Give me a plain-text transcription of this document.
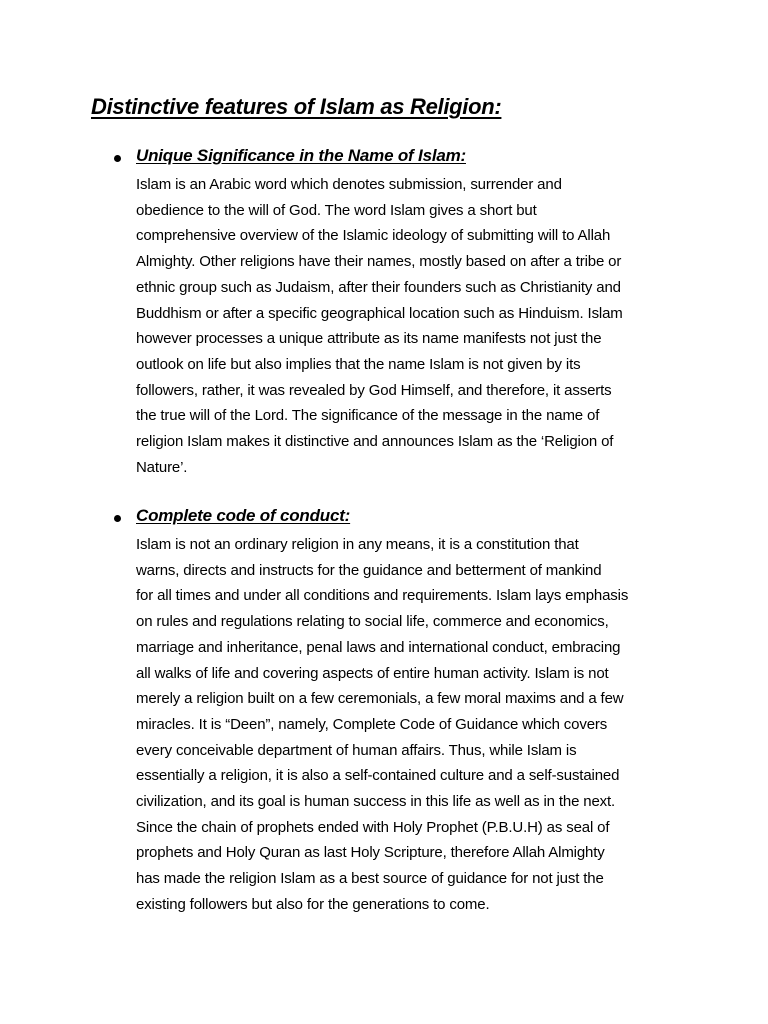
Distinctive features of Islam as Religion:
Unique Significance in the Name of Islam:
Islam is an Arabic word which denotes submission, surrender and
obedience to the will of God. The word Islam gives a short but
comprehensive overview of the Islamic ideology of submitting will to Allah
Almighty. Other religions have their names, mostly based on after a tribe or
ethnic group such as Judaism, after their founders such as Christianity and
Buddhism or after a specific geographical location such as Hinduism. Islam
however processes a unique attribute as its name manifests not just the
outlook on life but also implies that the name Islam is not given by its
followers, rather, it was revealed by God Himself, and therefore, it asserts
the true will of the Lord. The significance of the message in the name of
religion Islam makes it distinctive and announces Islam as the ‘Religion of
Nature’.
Complete code of conduct:
Islam is not an ordinary religion in any means, it is a constitution that
warns, directs and instructs for the guidance and betterment of mankind
for all times and under all conditions and requirements. Islam lays emphasis
on rules and regulations relating to social life, commerce and economics,
marriage and inheritance, penal laws and international conduct, embracing
all walks of life and covering aspects of entire human activity. Islam is not
merely a religion built on a few ceremonials, a few moral maxims and a few
miracles. It is “Deen”, namely, Complete Code of Guidance which covers
every conceivable department of human affairs. Thus, while Islam is
essentially a religion, it is also a self-contained culture and a self-sustained
civilization, and its goal is human success in this life as well as in the next.
Since the chain of prophets ended with Holy Prophet (P.B.U.H) as seal of
prophets and Holy Quran as last Holy Scripture, therefore Allah Almighty
has made the religion Islam as a best source of guidance for not just the
existing followers but also for the generations to come.
